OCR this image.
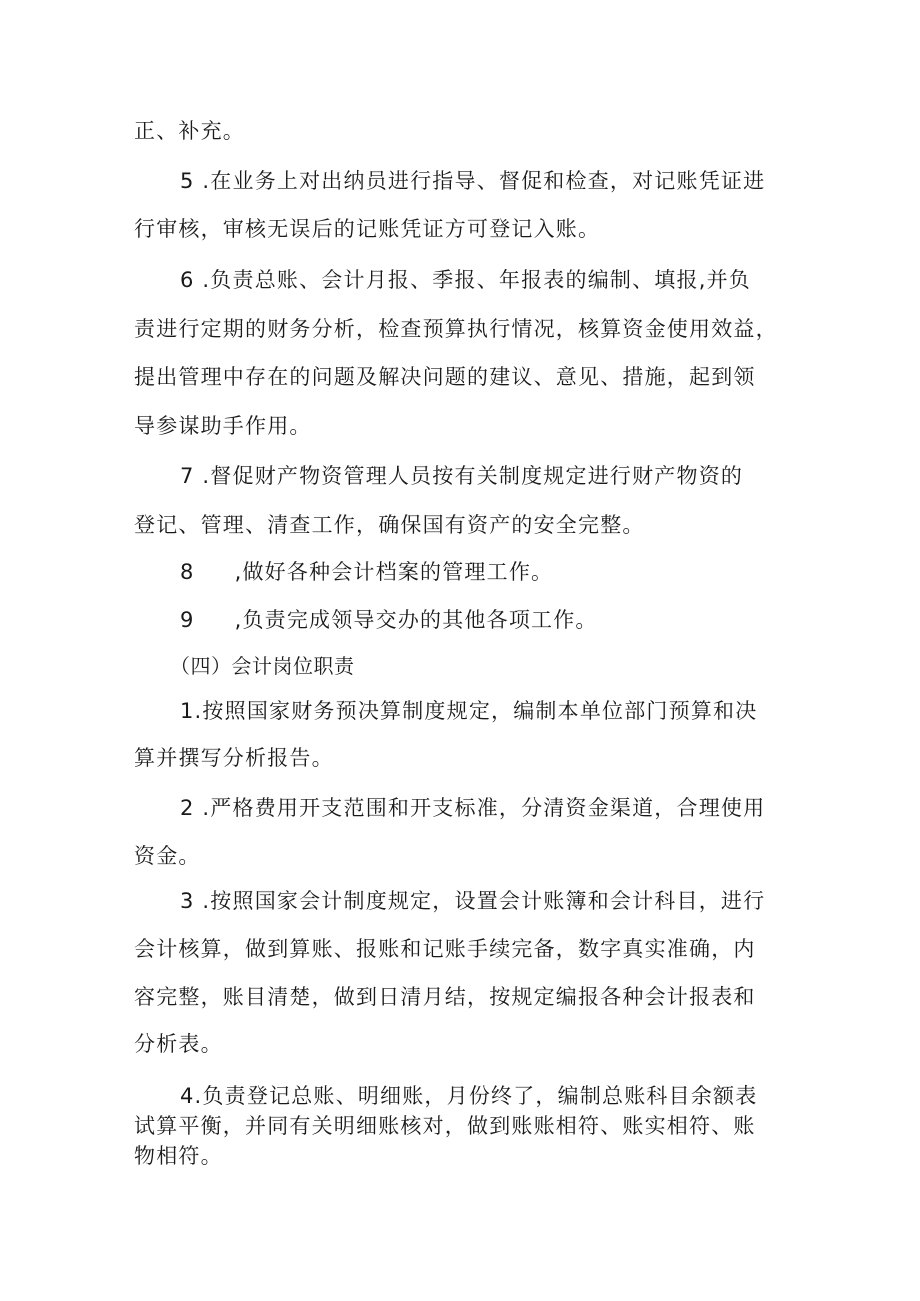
正、补充。
5 .在业务上对出纳员进行指导、督促和检查，对记账凭证进
行审核，审核无误后的记账凭证方可登记入账。
6 .负责总账、会计月报、季报、年报表的编制、填报,并负
责进行定期的财务分析，检查预算执行情况，核算资金使用效益，
提出管理中存在的问题及解决问题的建议、意见、措施，起到领
导参谋助手作用。
7 .督促财产物资管理人员按有关制度规定进行财产物资的
登记、管理、清查工作，确保国有资产的安全完整。
8 ,做好各种会计档案的管理工作。
9 ,负责完成领导交办的其他各项工作。
（四）会计岗位职责
1.按照国家财务预决算制度规定，编制本单位部门预算和决
算并撰写分析报告。
2 .严格费用开支范围和开支标准，分清资金渠道，合理使用
资金。
3 .按照国家会计制度规定，设置会计账簿和会计科目，进行
会计核算，做到算账、报账和记账手续完备，数字真实准确，内
容完整，账目清楚，做到日清月结，按规定编报各种会计报表和
分析表。
4.负责登记总账、明细账，月份终了，编制总账科目余额表
试算平衡，并同有关明细账核对，做到账账相符、账实相符、账
物相符。
